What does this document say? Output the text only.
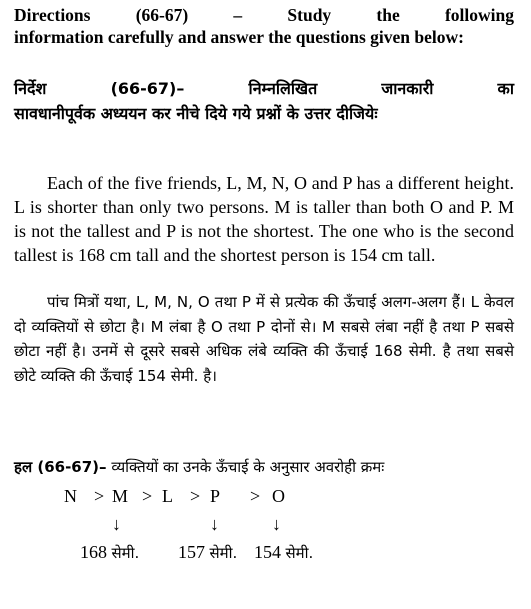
Directions (66-67) – Study the following

information carefully and answer the questions given below:

निर्देश (66-67)– निम्नलिखित जानकारी का

सावधानीपूर्वक अध्ययन कर नीचे दिये गये प्रश्नों के उत्तर दीजियेः

Each of the five friends, L, M, N, O and P has a different height. L is shorter than only two persons. M is taller than both O and P. M is not the tallest and P is not the shortest. The one who is the second tallest is 168 cm tall and the shortest person is 154 cm tall.

पांच मित्रों यथा, L, M, N, O तथा P में से प्रत्येक की ऊँचाई अलग-अलग हैं। L केवल दो व्यक्तियों से छोटा है। M लंबा है O तथा P दोनों से। M सबसे लंबा नहीं है तथा P सबसे छोटा नहीं है। उनमें से दूसरे सबसे अधिक लंबे व्यक्ति की ऊँचाई 168 सेमी. है तथा सबसे छोटे व्यक्ति की ऊँचाई 154 सेमी. है।

हल (66-67)– व्यक्तियों का उनके ऊँचाई के अनुसार अवरोही क्रमः
N > M > L > P > O
↓	↓	↓
168 सेमी. 157 सेमी. 154 सेमी.
